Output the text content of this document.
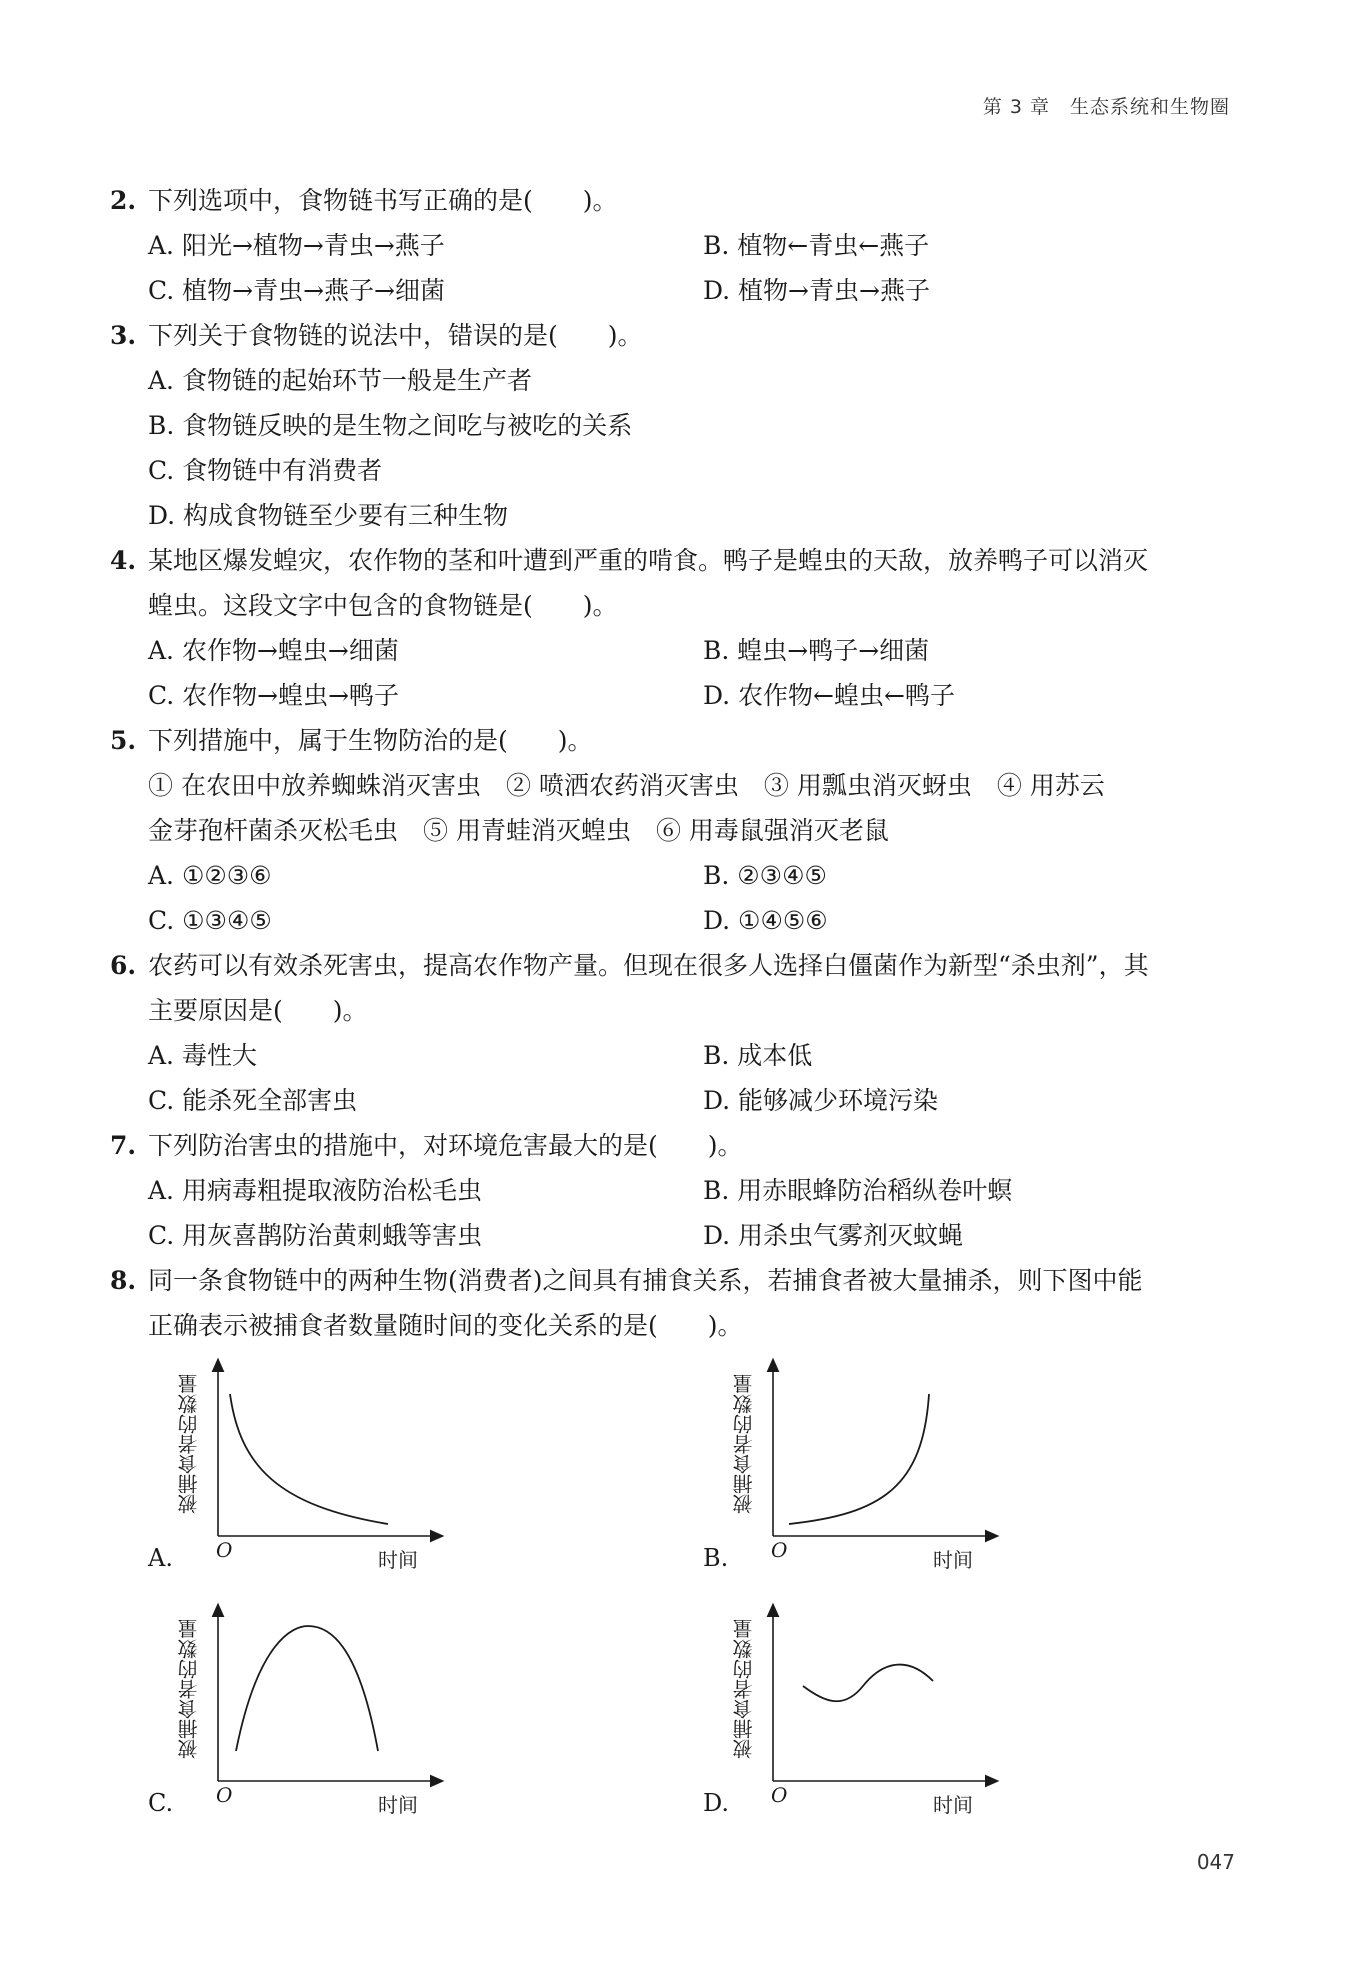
第 3 章　生态系统和生物圈
2. 下列选项中，食物链书写正确的是(　　)。
A. 阳光→植物→青虫→燕子	B. 植物←青虫←燕子
C. 植物→青虫→燕子→细菌	D. 植物→青虫→燕子
3. 下列关于食物链的说法中，错误的是(　　)。
A. 食物链的起始环节一般是生产者
B. 食物链反映的是生物之间吃与被吃的关系
C. 食物链中有消费者
D. 构成食物链至少要有三种生物
4. 某地区爆发蝗灾，农作物的茎和叶遭到严重的啃食。鸭子是蝗虫的天敌，放养鸭子可以消灭
蝗虫。这段文字中包含的食物链是(　　)。
A. 农作物→蝗虫→细菌	B. 蝗虫→鸭子→细菌
C. 农作物→蝗虫→鸭子	D. 农作物←蝗虫←鸭子
5. 下列措施中，属于生物防治的是(　　)。
① 在农田中放养蜘蛛消灭害虫　② 喷洒农药消灭害虫　③ 用瓢虫消灭蚜虫　④ 用苏云
金芽孢杆菌杀灭松毛虫　⑤ 用青蛙消灭蝗虫　⑥ 用毒鼠强消灭老鼠
A. ①②③⑥	B. ②③④⑤
C. ①③④⑤	D. ①④⑤⑥
6. 农药可以有效杀死害虫，提高农作物产量。但现在很多人选择白僵菌作为新型“杀虫剂”，其
主要原因是(　　)。
A. 毒性大	B. 成本低
C. 能杀死全部害虫	D. 能够减少环境污染
7. 下列防治害虫的措施中，对环境危害最大的是(　　)。
A. 用病毒粗提取液防治松毛虫	B. 用赤眼蜂防治稻纵卷叶螟
C. 用灰喜鹊防治黄刺蛾等害虫	D. 用杀虫气雾剂灭蚊蝇
8. 同一条食物链中的两种生物(消费者)之间具有捕食关系，若捕食者被大量捕杀，则下图中能
正确表示被捕食者数量随时间的变化关系的是(　　)。
被捕食者的数量
O	时间
A.
被捕食者的数量
O	时间
B.
被捕食者的数量
O	时间
C.
被捕食者的数量
O	时间
D.
047
